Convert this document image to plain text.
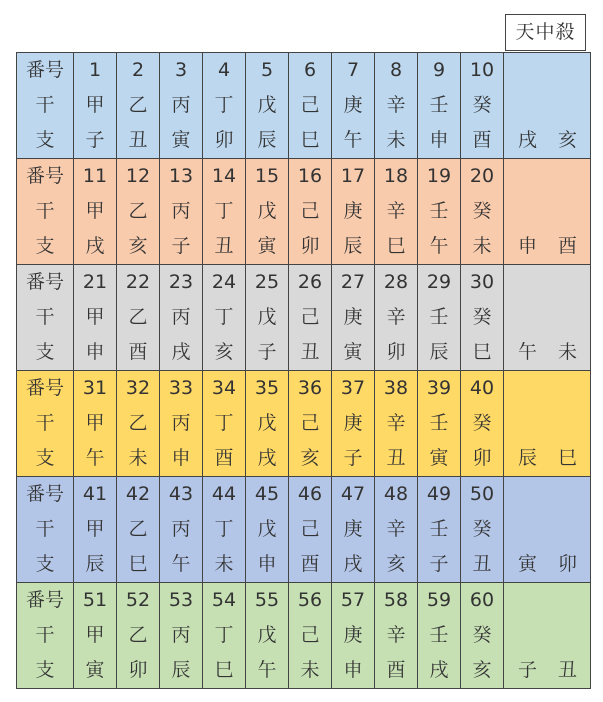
天中殺
番号	1	2	3	4	5	6	7	8	9	10	
干	甲	乙	丙	丁	戊	己	庚	辛	壬	癸	
支	子	丑	寅	卯	辰	巳	午	未	申	酉	戌 亥
番号	11	12	13	14	15	16	17	18	19	20	
干	甲	乙	丙	丁	戊	己	庚	辛	壬	癸	
支	戌	亥	子	丑	寅	卯	辰	巳	午	未	申 酉
番号	21	22	23	24	25	26	27	28	29	30	
干	甲	乙	丙	丁	戊	己	庚	辛	壬	癸	
支	申	酉	戌	亥	子	丑	寅	卯	辰	巳	午 未
番号	31	32	33	34	35	36	37	38	39	40	
干	甲	乙	丙	丁	戊	己	庚	辛	壬	癸	
支	午	未	申	酉	戌	亥	子	丑	寅	卯	辰 巳
番号	41	42	43	44	45	46	47	48	49	50	
干	甲	乙	丙	丁	戊	己	庚	辛	壬	癸	
支	辰	巳	午	未	申	酉	戌	亥	子	丑	寅 卯
番号	51	52	53	54	55	56	57	58	59	60	
干	甲	乙	丙	丁	戊	己	庚	辛	壬	癸	
支	寅	卯	辰	巳	午	未	申	酉	戌	亥	子 丑
